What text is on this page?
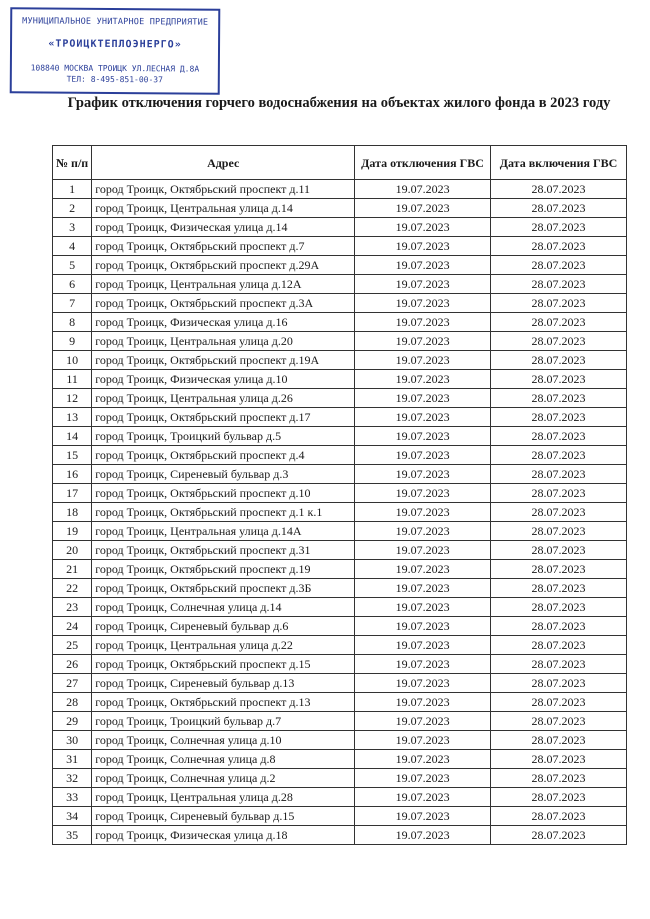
МУНИЦИПАЛЬНОЕ УНИТАРНОЕ ПРЕДПРИЯТИЕ
«ТРОИЦКТЕПЛОЭНЕРГО»
108840 МОСКВА ТРОИЦК УЛ.ЛЕСНАЯ Д.8А
ТЕЛ: 8-495-851-00-37
График отключения горчего водоснабжения на объектах жилого фонда в 2023 году
№ п/п	Адрес	Дата отключения ГВС	Дата включения ГВС
1	город Троицк, Октябрьский проспект д.11	19.07.2023	28.07.2023
2	город Троицк, Центральная улица д.14	19.07.2023	28.07.2023
3	город Троицк, Физическая улица д.14	19.07.2023	28.07.2023
4	город Троицк, Октябрьский проспект д.7	19.07.2023	28.07.2023
5	город Троицк, Октябрьский проспект д.29А	19.07.2023	28.07.2023
6	город Троицк, Центральная улица д.12А	19.07.2023	28.07.2023
7	город Троицк, Октябрьский проспект д.3А	19.07.2023	28.07.2023
8	город Троицк, Физическая улица д.16	19.07.2023	28.07.2023
9	город Троицк, Центральная улица д.20	19.07.2023	28.07.2023
10	город Троицк, Октябрьский проспект д.19А	19.07.2023	28.07.2023
11	город Троицк, Физическая улица д.10	19.07.2023	28.07.2023
12	город Троицк, Центральная улица д.26	19.07.2023	28.07.2023
13	город Троицк, Октябрьский проспект д.17	19.07.2023	28.07.2023
14	город Троицк, Троицкий бульвар д.5	19.07.2023	28.07.2023
15	город Троицк, Октябрьский проспект д.4	19.07.2023	28.07.2023
16	город Троицк, Сиреневый бульвар д.3	19.07.2023	28.07.2023
17	город Троицк, Октябрьский проспект д.10	19.07.2023	28.07.2023
18	город Троицк, Октябрьский проспект д.1 к.1	19.07.2023	28.07.2023
19	город Троицк, Центральная улица д.14А	19.07.2023	28.07.2023
20	город Троицк, Октябрьский проспект д.31	19.07.2023	28.07.2023
21	город Троицк, Октябрьский проспект д.19	19.07.2023	28.07.2023
22	город Троицк, Октябрьский проспект д.3Б	19.07.2023	28.07.2023
23	город Троицк, Солнечная улица д.14	19.07.2023	28.07.2023
24	город Троицк, Сиреневый бульвар д.6	19.07.2023	28.07.2023
25	город Троицк, Центральная улица д.22	19.07.2023	28.07.2023
26	город Троицк, Октябрьский проспект д.15	19.07.2023	28.07.2023
27	город Троицк, Сиреневый бульвар д.13	19.07.2023	28.07.2023
28	город Троицк, Октябрьский проспект д.13	19.07.2023	28.07.2023
29	город Троицк, Троицкий бульвар д.7	19.07.2023	28.07.2023
30	город Троицк, Солнечная улица д.10	19.07.2023	28.07.2023
31	город Троицк, Солнечная улица д.8	19.07.2023	28.07.2023
32	город Троицк, Солнечная улица д.2	19.07.2023	28.07.2023
33	город Троицк, Центральная улица д.28	19.07.2023	28.07.2023
34	город Троицк, Сиреневый бульвар д.15	19.07.2023	28.07.2023
35	город Троицк, Физическая улица д.18	19.07.2023	28.07.2023
